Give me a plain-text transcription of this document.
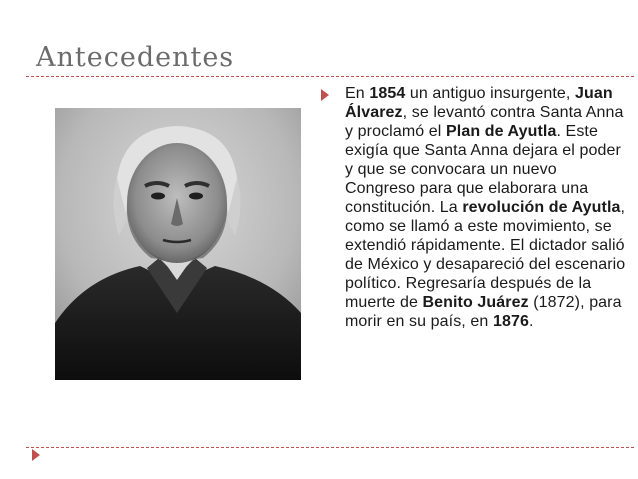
Antecedentes
En 1854 un antiguo insurgente, Juan Álvarez, se levantó contra Santa Anna y proclamó el Plan de Ayutla. Este exigía que Santa Anna dejara el poder y que se convocara un nuevo Congreso para que elaborara una constitución. La revolución de Ayutla, como se llamó a este movimiento, se extendió rápidamente. El dictador salió de México y desapareció del escenario político. Regresaría después de la muerte de Benito Juárez (1872), para morir en su país, en 1876.
